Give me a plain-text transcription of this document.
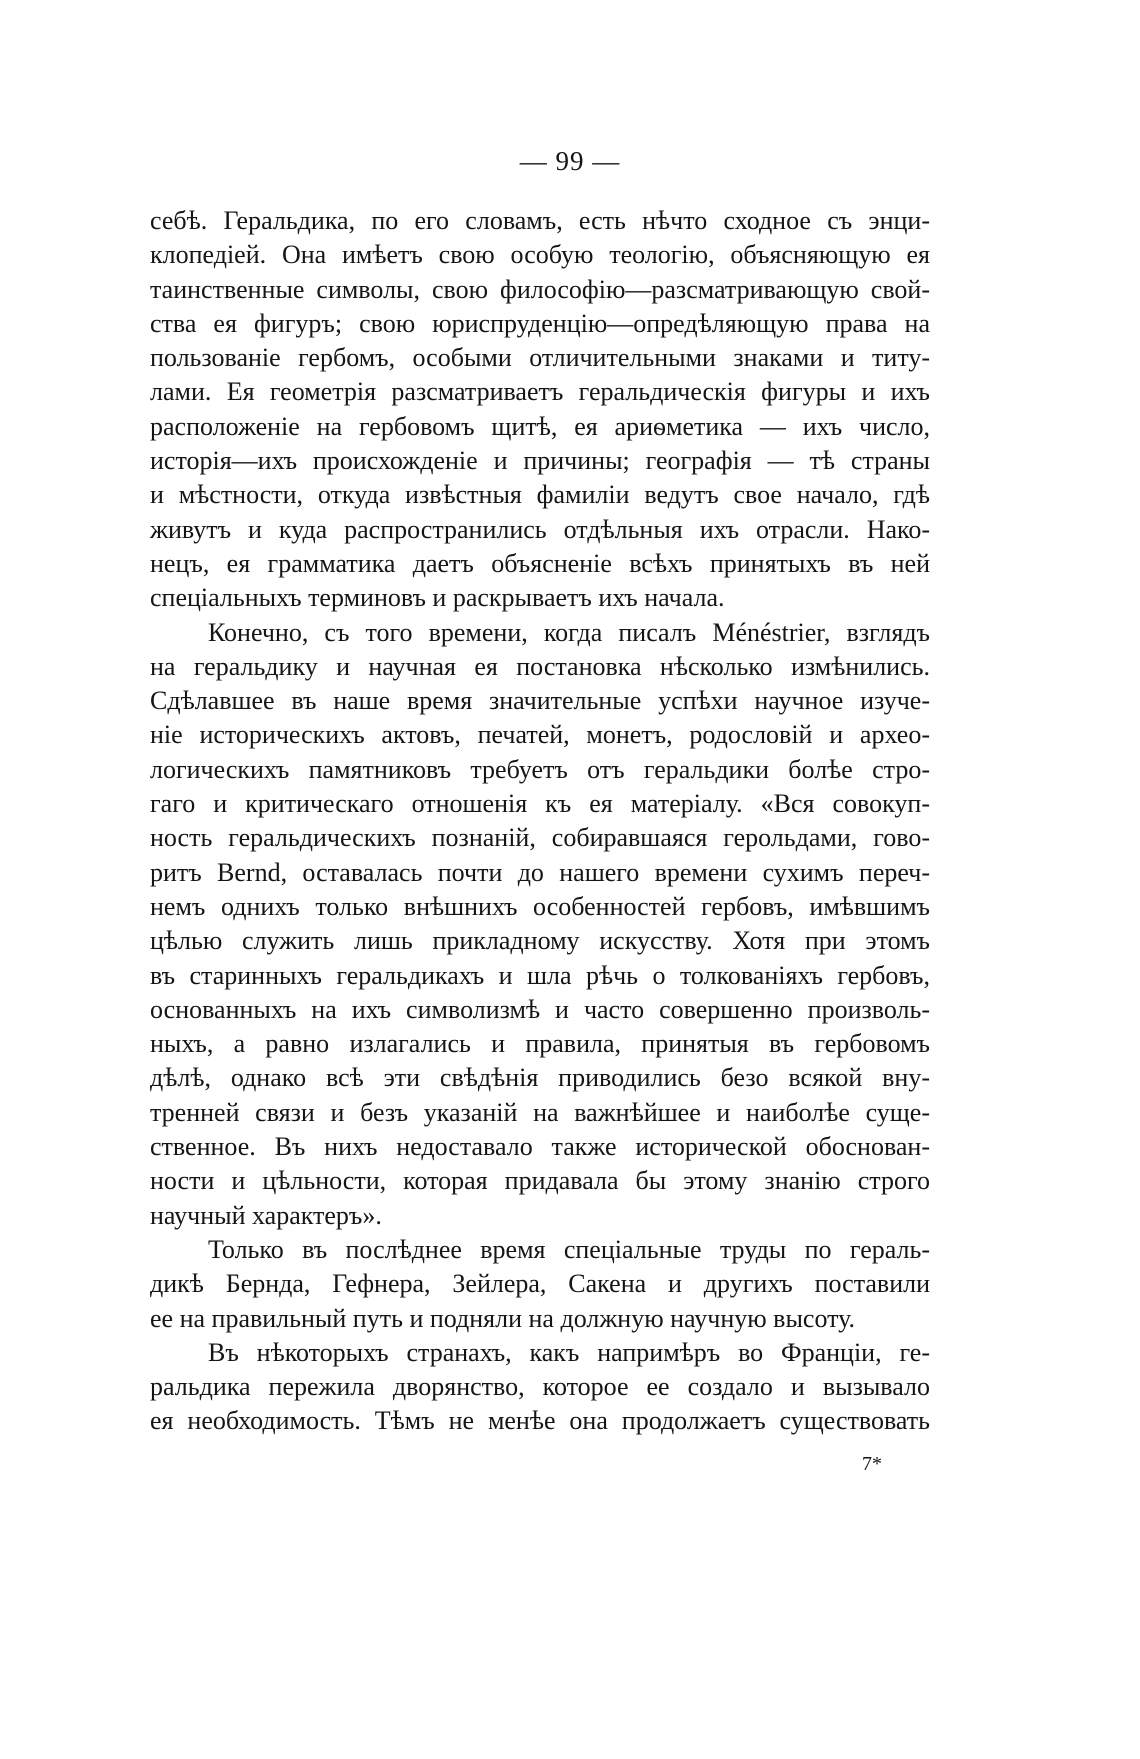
— 99 —
себѣ. Геральдика, по его словамъ, есть нѣчто сходное съ энци-
клопедіей. Она имѣетъ свою особую теологію, объясняющую ея
таинственные символы, свою философію—разсматривающую свой-
ства ея фигуръ; свою юриспруденцію—опредѣляющую права на
пользованіе гербомъ, особыми отличительными знаками и титу-
лами. Ея геометрія разсматриваетъ геральдическія фигуры и ихъ
расположеніе на гербовомъ щитѣ, ея ариѳметика — ихъ число,
исторія—ихъ происхожденіе и причины; географія — тѣ страны
и мѣстности, откуда извѣстныя фамиліи ведутъ свое начало, гдѣ
живутъ и куда распространились отдѣльныя ихъ отрасли. Нако-
нецъ, ея грамматика даетъ объясненіе всѣхъ принятыхъ въ ней
спеціальныхъ терминовъ и раскрываетъ ихъ начала.
Конечно, съ того времени, когда писалъ Ménéstrier, взглядъ
на геральдику и научная ея постановка нѣсколько измѣнились.
Сдѣлавшее въ наше время значительные успѣхи научное изуче-
ніе историческихъ актовъ, печатей, монетъ, родословій и архео-
логическихъ памятниковъ требуетъ отъ геральдики болѣе стро-
гаго и критическаго отношенія къ ея матеріалу. «Вся совокуп-
ность геральдическихъ познаній, собиравшаяся герольдами, гово-
ритъ Bernd, оставалась почти до нашего времени сухимъ переч-
немъ однихъ только внѣшнихъ особенностей гербовъ, имѣвшимъ
цѣлью служить лишь прикладному искусству. Хотя при этомъ
въ старинныхъ геральдикахъ и шла рѣчь о толкованіяхъ гербовъ,
основанныхъ на ихъ символизмѣ и часто совершенно произволь-
ныхъ, а равно излагались и правила, принятыя въ гербовомъ
дѣлѣ, однако всѣ эти свѣдѣнія приводились безо всякой вну-
тренней связи и безъ указаній на важнѣйшее и наиболѣе суще-
ственное. Въ нихъ недоставало также исторической обоснован-
ности и цѣльности, которая придавала бы этому знанію строго
научный характеръ».
Только въ послѣднее время спеціальные труды по гераль-
дикѣ Бернда, Гефнера, Зейлера, Сакена и другихъ поставили
ее на правильный путь и подняли на должную научную высоту.
Въ нѣкоторыхъ странахъ, какъ напримѣръ во Франціи, ге-
ральдика пережила дворянство, которое ее создало и вызывало
ея необходимость. Тѣмъ не менѣе она продолжаетъ существовать
7*
